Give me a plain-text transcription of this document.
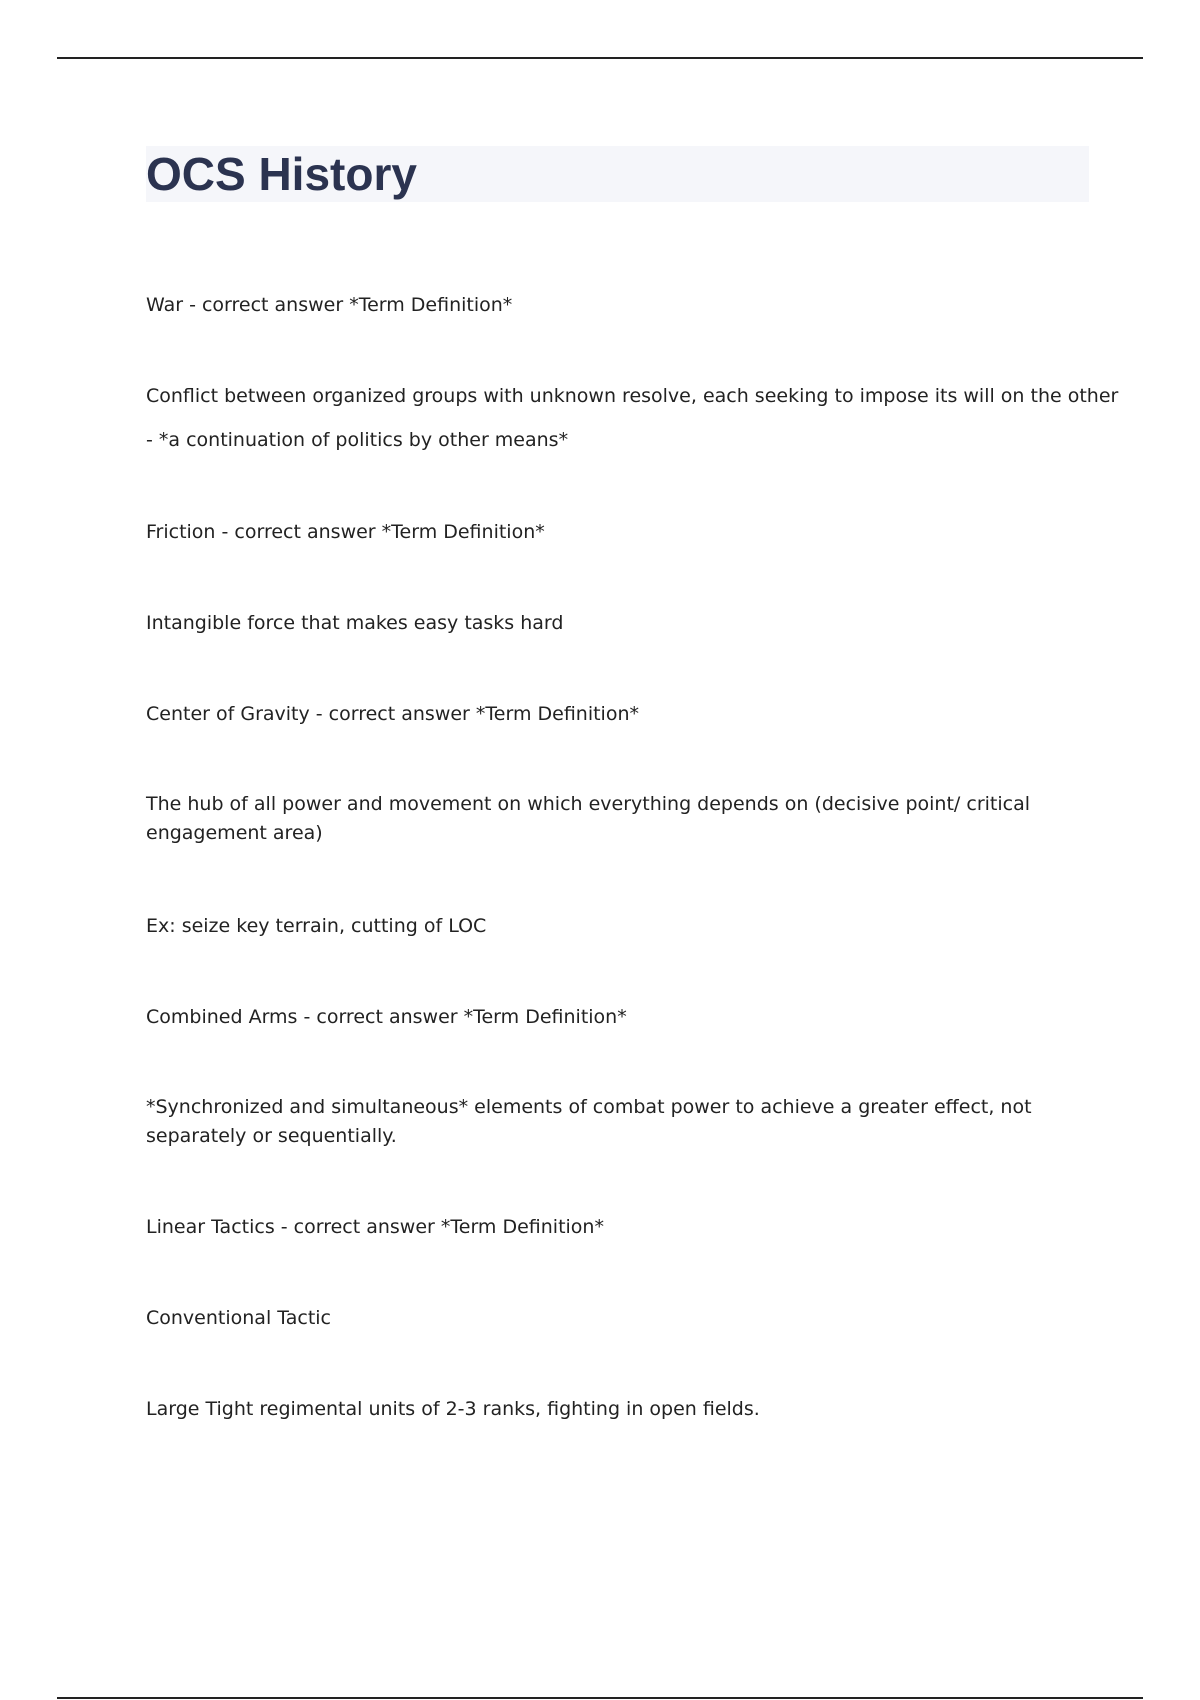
OCS History

War - correct answer *Term Definition*

Conflict between organized groups with unknown resolve, each seeking to impose its will on the other

- *a continuation of politics by other means*

Friction - correct answer *Term Definition*

Intangible force that makes easy tasks hard

Center of Gravity - correct answer *Term Definition*

The hub of all power and movement on which everything depends on (decisive point/ critical engagement area)

Ex: seize key terrain, cutting of LOC

Combined Arms - correct answer *Term Definition*

*Synchronized and simultaneous* elements of combat power to achieve a greater effect, not separately or sequentially.

Linear Tactics - correct answer *Term Definition*

Conventional Tactic

Large Tight regimental units of 2-3 ranks, fighting in open fields.
